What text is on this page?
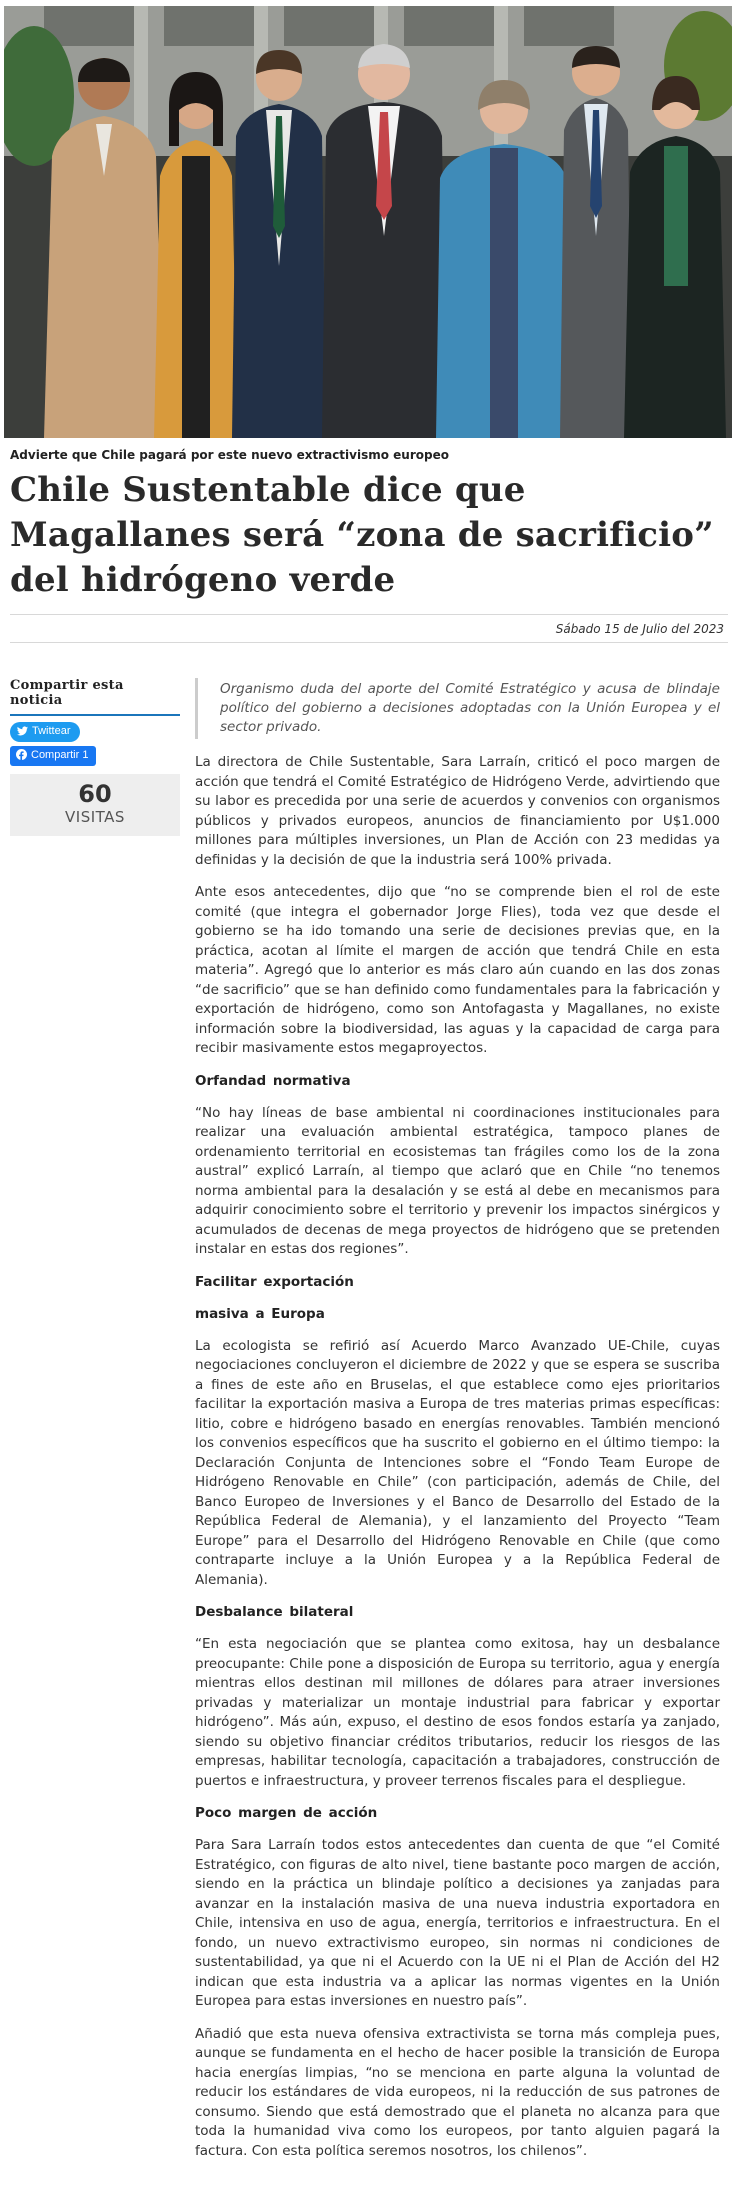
Advierte que Chile pagará por este nuevo extractivismo europeo
Chile Sustentable dice que Magallanes será “zona de sacrificio” del hidrógeno verde
Sábado 15 de Julio del 2023
Compartir esta noticia
Twittear
Compartir 1
60
VISITAS
Organismo duda del aporte del Comité Estratégico y acusa de blindaje político del gobierno a decisiones adoptadas con la Unión Europea y el sector privado.

La directora de Chile Sustentable, Sara Larraín, criticó el poco margen de acción que tendrá el Comité Estratégico de Hidrógeno Verde, advirtiendo que su labor es precedida por una serie de acuerdos y convenios con organismos públicos y privados europeos, anuncios de financiamiento por U$1.000 millones para múltiples inversiones, un Plan de Acción con 23 medidas ya definidas y la decisión de que la industria será 100% privada.

Ante esos antecedentes, dijo que “no se comprende bien el rol de este comité (que integra el gobernador Jorge Flies), toda vez que desde el gobierno se ha ido tomando una serie de decisiones previas que, en la práctica, acotan al límite el margen de acción que tendrá Chile en esta materia”. Agregó que lo anterior es más claro aún cuando en las dos zonas “de sacrificio” que se han definido como fundamentales para la fabricación y exportación de hidrógeno, como son Antofagasta y Magallanes, no existe información sobre la biodiversidad, las aguas y la capacidad de carga para recibir masivamente estos megaproyectos.

Orfandad normativa

“No hay líneas de base ambiental ni coordinaciones institucionales para realizar una evaluación ambiental estratégica, tampoco planes de ordenamiento territorial en ecosistemas tan frágiles como los de la zona austral” explicó Larraín, al tiempo que aclaró que en Chile “no tenemos norma ambiental para la desalación y se está al debe en mecanismos para adquirir conocimiento sobre el territorio y prevenir los impactos sinérgicos y acumulados de decenas de mega proyectos de hidrógeno que se pretenden instalar en estas dos regiones”.

Facilitar exportación
masiva a Europa

La ecologista se refirió así Acuerdo Marco Avanzado UE-Chile, cuyas negociaciones concluyeron el diciembre de 2022 y que se espera se suscriba a fines de este año en Bruselas, el que establece como ejes prioritarios facilitar la exportación masiva a Europa de tres materias primas específicas: litio, cobre e hidrógeno basado en energías renovables. También mencionó los convenios específicos que ha suscrito el gobierno en el último tiempo: la Declaración Conjunta de Intenciones sobre el “Fondo Team Europe de Hidrógeno Renovable en Chile” (con participación, además de Chile, del Banco Europeo de Inversiones y el Banco de Desarrollo del Estado de la República Federal de Alemania), y el lanzamiento del Proyecto “Team Europe” para el Desarrollo del Hidrógeno Renovable en Chile (que como contraparte incluye a la Unión Europea y a la República Federal de Alemania).

Desbalance bilateral

“En esta negociación que se plantea como exitosa, hay un desbalance preocupante: Chile pone a disposición de Europa su territorio, agua y energía mientras ellos destinan mil millones de dólares para atraer inversiones privadas y materializar un montaje industrial para fabricar y exportar hidrógeno”. Más aún, expuso, el destino de esos fondos estaría ya zanjado, siendo su objetivo financiar créditos tributarios, reducir los riesgos de las empresas, habilitar tecnología, capacitación a trabajadores, construcción de puertos e infraestructura, y proveer terrenos fiscales para el despliegue.

Poco margen de acción

Para Sara Larraín todos estos antecedentes dan cuenta de que “el Comité Estratégico, con figuras de alto nivel, tiene bastante poco margen de acción, siendo en la práctica un blindaje político a decisiones ya zanjadas para avanzar en la instalación masiva de una nueva industria exportadora en Chile, intensiva en uso de agua, energía, territorios e infraestructura. En el fondo, un nuevo extractivismo europeo, sin normas ni condiciones de sustentabilidad, ya que ni el Acuerdo con la UE ni el Plan de Acción del H2 indican que esta industria va a aplicar las normas vigentes en la Unión Europea para estas inversiones en nuestro país”.

Añadió que esta nueva ofensiva extractivista se torna más compleja pues, aunque se fundamenta en el hecho de hacer posible la transición de Europa hacia energías limpias, “no se menciona en parte alguna la voluntad de reducir los estándares de vida europeos, ni la reducción de sus patrones de consumo. Siendo que está demostrado que el planeta no alcanza para que toda la humanidad viva como los europeos, por tanto alguien pagará la factura. Con esta política seremos nosotros, los chilenos”.
